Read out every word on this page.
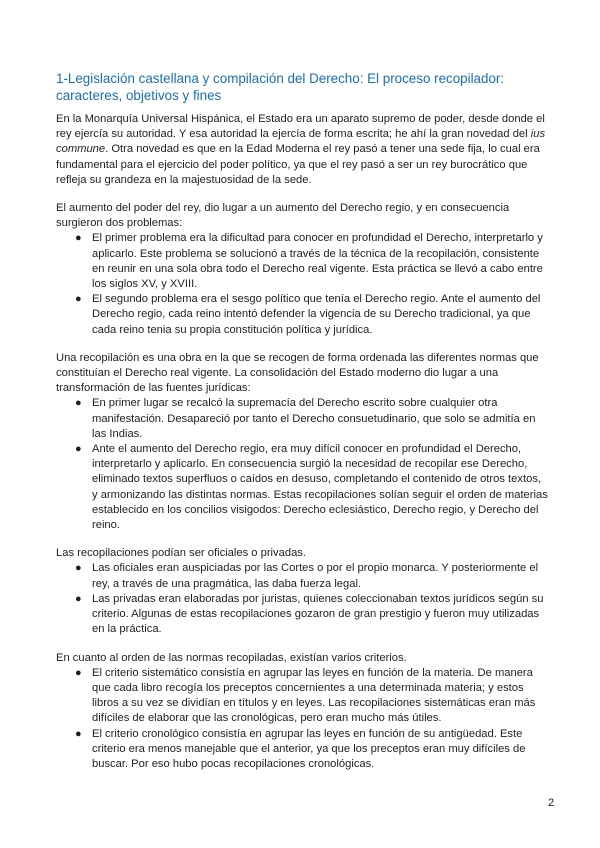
1-Legislación castellana y compilación del Derecho: El proceso recopilador: caracteres, objetivos y fines

En la Monarquía Universal Hispánica, el Estado era un aparato supremo de poder, desde donde el rey ejercía su autoridad. Y esa autoridad la ejercía de forma escrita; he ahí la gran novedad del ius commune. Otra novedad es que en la Edad Moderna el rey pasó a tener una sede fija, lo cual era fundamental para el ejercicio del poder político, ya que el rey pasó a ser un rey burocrático que refleja su grandeza en la majestuosidad de la sede.

El aumento del poder del rey, dio lugar a un aumento del Derecho regio, y en consecuencia surgieron dos problemas:

● El primer problema era la dificultad para conocer en profundidad el Derecho, interpretarlo y aplicarlo. Este problema se solucionó a través de la técnica de la recopilación, consistente en reunir en una sola obra todo el Derecho real vigente. Esta práctica se llevó a cabo entre los siglos XV, y XVIII.
● El segundo problema era el sesgo político que tenía el Derecho regio. Ante el aumento del Derecho regio, cada reino intentó defender la vigencia de su Derecho tradicional, ya que cada reino tenia su propia constitución política y jurídica.

Una recopilación es una obra en la que se recogen de forma ordenada las diferentes normas que constituían el Derecho real vigente. La consolidación del Estado moderno dio lugar a una transformación de las fuentes jurídicas:

● En primer lugar se recalcó la supremacía del Derecho escrito sobre cualquier otra manifestación. Desapareció por tanto el Derecho consuetudinario, que solo se admitía en las Indias.
● Ante el aumento del Derecho regio, era muy difícil conocer en profundidad el Derecho, interpretarlo y aplicarlo. En consecuencia surgió la necesidad de recopilar ese Derecho, eliminado textos superfluos o caídos en desuso, completando el contenido de otros textos, y armonizando las distintas normas. Estas recopilaciones solían seguir el orden de materias establecido en los concilios visigodos: Derecho eclesiástico, Derecho regio, y Derecho del reino.

Las recopilaciones podían ser oficiales o privadas.

● Las oficiales eran auspiciadas por las Cortes o por el propio monarca. Y posteriormente el rey, a través de una pragmática, las daba fuerza legal.
● Las privadas eran elaboradas por juristas, quienes coleccionaban textos jurídicos según su criterio. Algunas de estas recopilaciones gozaron de gran prestigio y fueron muy utilizadas en la práctica.

En cuanto al orden de las normas recopiladas, existían varios criterios.

● El criterio sistemático consistía en agrupar las leyes en función de la materia. De manera que cada libro recogía los preceptos concernientes a una determinada materia; y estos libros a su vez se dividían en títulos y en leyes. Las recopilaciones sistemáticas eran más difíciles de elaborar que las cronológicas, pero eran mucho más útiles.
● El criterio cronológico consistía en agrupar las leyes en función de su antigüedad. Este criterio era menos manejable que el anterior, ya que los preceptos eran muy difíciles de buscar. Por eso hubo pocas recopilaciones cronológicas.
2
